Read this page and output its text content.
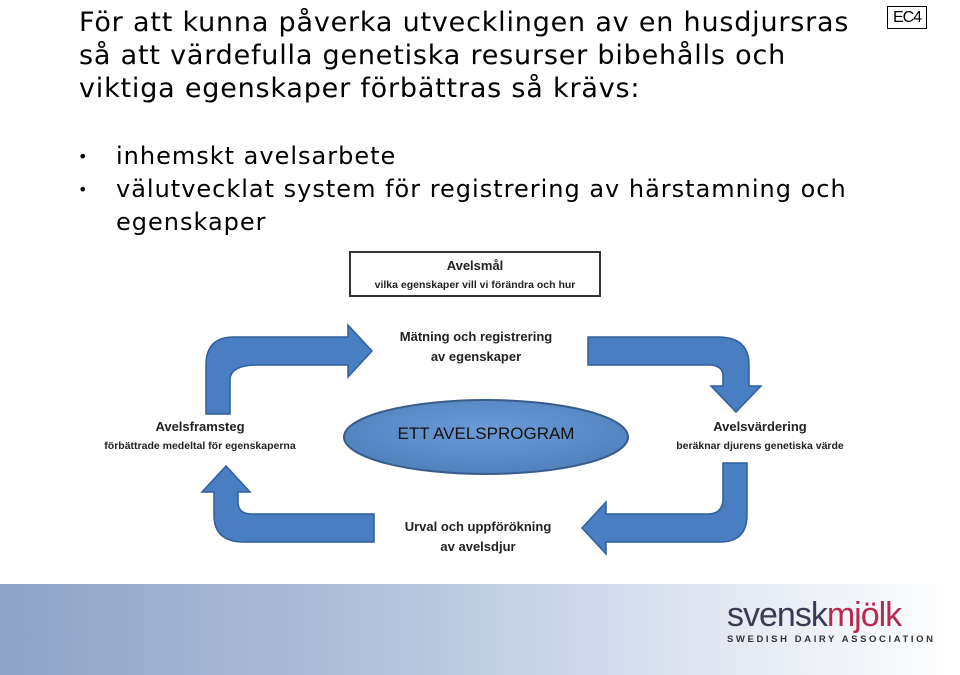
För att kunna påverka utvecklingen av en husdjursras
så att värdefulla genetiska resurser bibehålls och
viktiga egenskaper förbättras så krävs:
EC4
•	inhemskt avelsarbete
•	välutvecklat system för registrering av härstamning och egenskaper
Avelsmål
vilka egenskaper vill vi förändra och hur
Mätning och registrering
av egenskaper
Avelsvärdering
beräknar djurens genetiska värde
Urval och uppförökning
av avelsdjur
Avelsframsteg
förbättrade medeltal för egenskaperna
ETT AVELSPROGRAM
svenskmjölk
SWEDISH DAIRY ASSOCIATION
